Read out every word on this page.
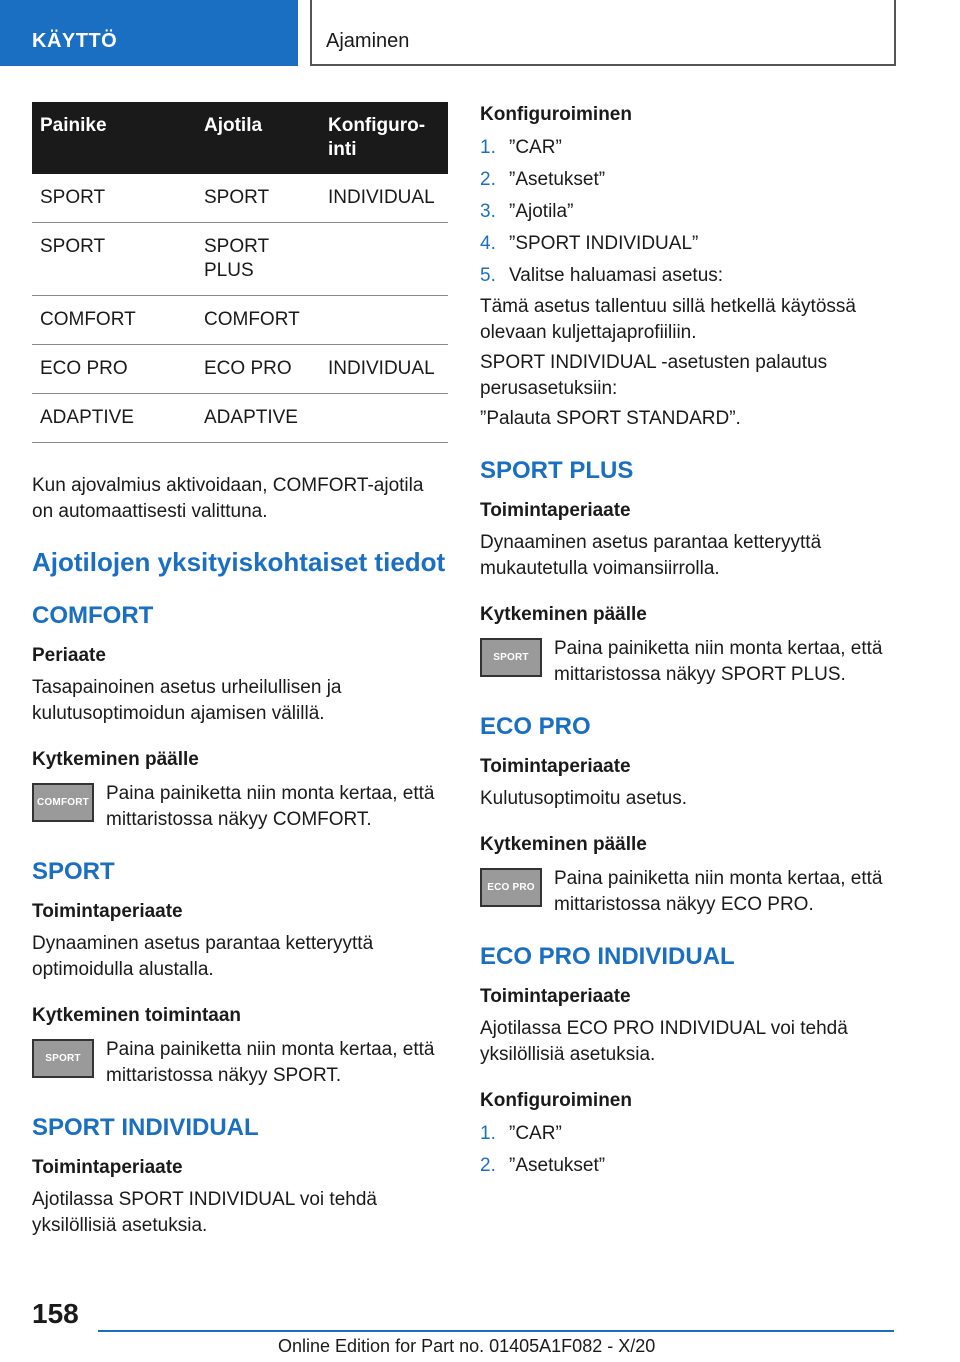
KÄYTTÖ	Ajaminen
Painike	Ajotila	Konfiguro-inti
SPORT	SPORT	INDIVIDUAL
SPORT	SPORT PLUS	
COMFORT	COMFORT	
ECO PRO	ECO PRO	INDIVIDUAL
ADAPTIVE	ADAPTIVE	

Kun ajovalmius aktivoidaan, COMFORT-ajotila on automaattisesti valittuna.

Ajotilojen yksityiskohtaiset tiedot
COMFORT
Periaate

Tasapainoinen asetus urheilullisen ja kulutusoptimoidun ajamisen välillä.

Kytkeminen päälle
COMFORT Paina painiketta niin monta kertaa, että mittaristossa näkyy COMFORT.

SPORT
Toimintaperiaate

Dynaaminen asetus parantaa ketteryyttä optimoidulla alustalla.

Kytkeminen toimintaan
SPORT Paina painiketta niin monta kertaa, että mittaristossa näkyy SPORT.

SPORT INDIVIDUAL
Toimintaperiaate

Ajotilassa SPORT INDIVIDUAL voi tehdä yksilöllisiä asetuksia.

Konfiguroiminen
1. ”CAR”
2. ”Asetukset”
3. ”Ajotila”
4. ”SPORT INDIVIDUAL”
5. Valitse haluamasi asetus:

Tämä asetus tallentuu sillä hetkellä käytössä olevaan kuljettajaprofiiliin.

SPORT INDIVIDUAL -asetusten palautus perusasetuksiin:

”Palauta SPORT STANDARD”.

SPORT PLUS
Toimintaperiaate

Dynaaminen asetus parantaa ketteryyttä mukautetulla voimansiirrolla.

Kytkeminen päälle
SPORT Paina painiketta niin monta kertaa, että mittaristossa näkyy SPORT PLUS.

ECO PRO
Toimintaperiaate

Kulutusoptimoitu asetus.

Kytkeminen päälle
ECO PRO Paina painiketta niin monta kertaa, että mittaristossa näkyy ECO PRO.

ECO PRO INDIVIDUAL
Toimintaperiaate

Ajotilassa ECO PRO INDIVIDUAL voi tehdä yksilöllisiä asetuksia.

Konfiguroiminen
1. ”CAR”
2. ”Asetukset”
158
Online Edition for Part no. 01405A1F082 - X/20
